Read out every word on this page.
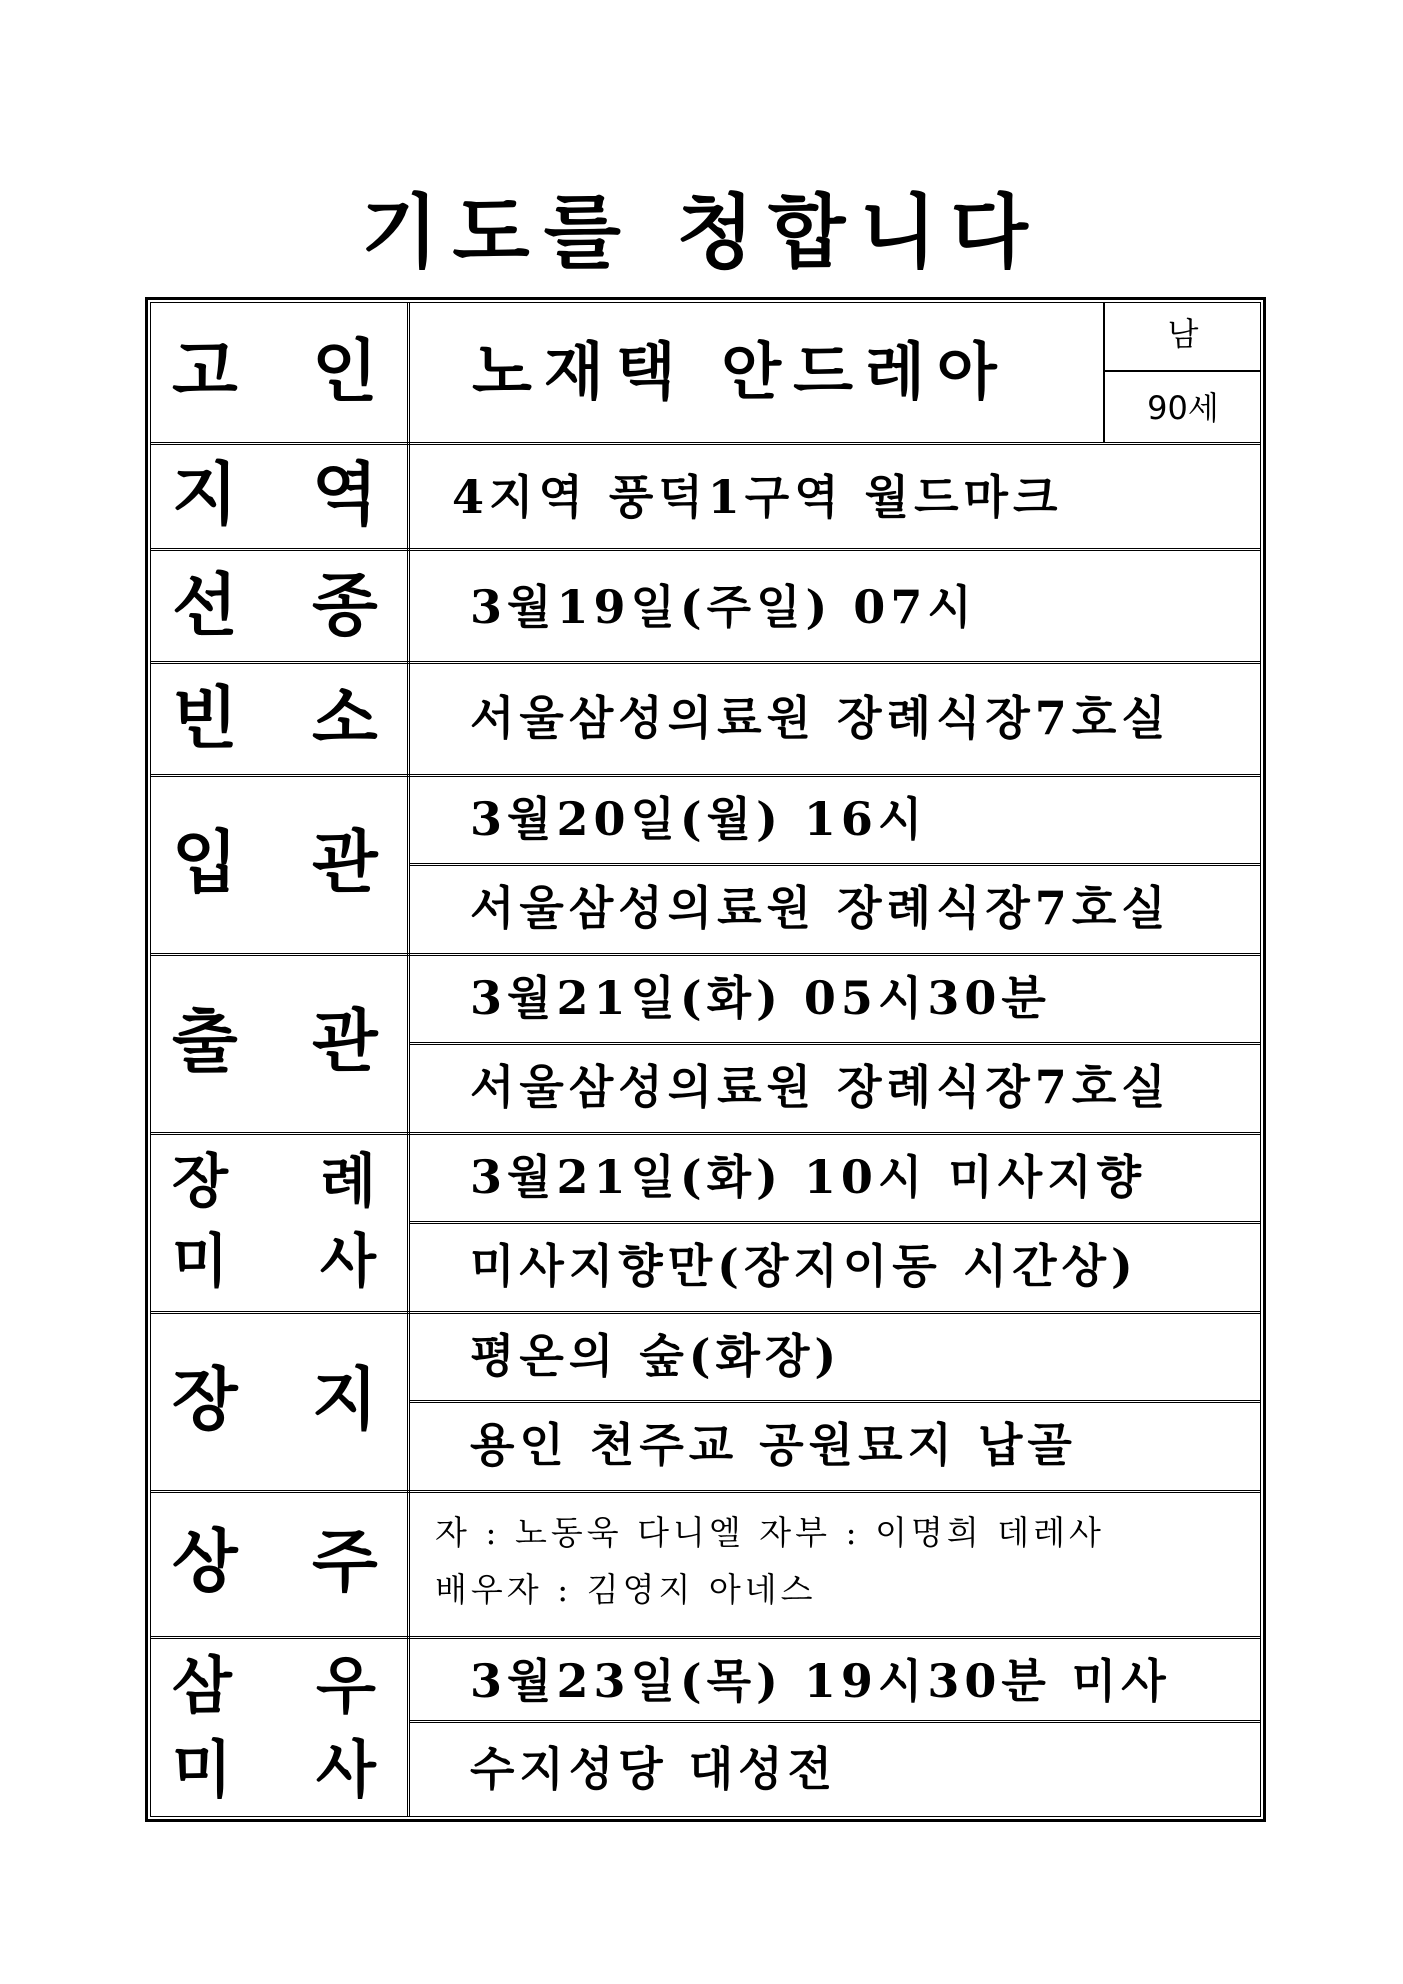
기도를 청합니다
고 인 노재택 안드레아
남
90세
지 역 4지역 풍덕1구역 월드마크
선 종 3월19일(주일) 07시
빈 소 서울삼성의료원 장례식장7호실
입 관
3월20일(월) 16시
서울삼성의료원 장례식장7호실
출 관
3월21일(화) 05시30분
서울삼성의료원 장례식장7호실
장 례
미 사
3월21일(화) 10시 미사지향
미사지향만(장지이동 시간상)
장 지
평온의 숲(화장)
용인 천주교 공원묘지 납골
상 주 자 : 노동욱 다니엘 자부 : 이명희 데레사
배우자 : 김영지 아네스
삼 우
미 사
3월23일(목) 19시30분 미사
수지성당 대성전
